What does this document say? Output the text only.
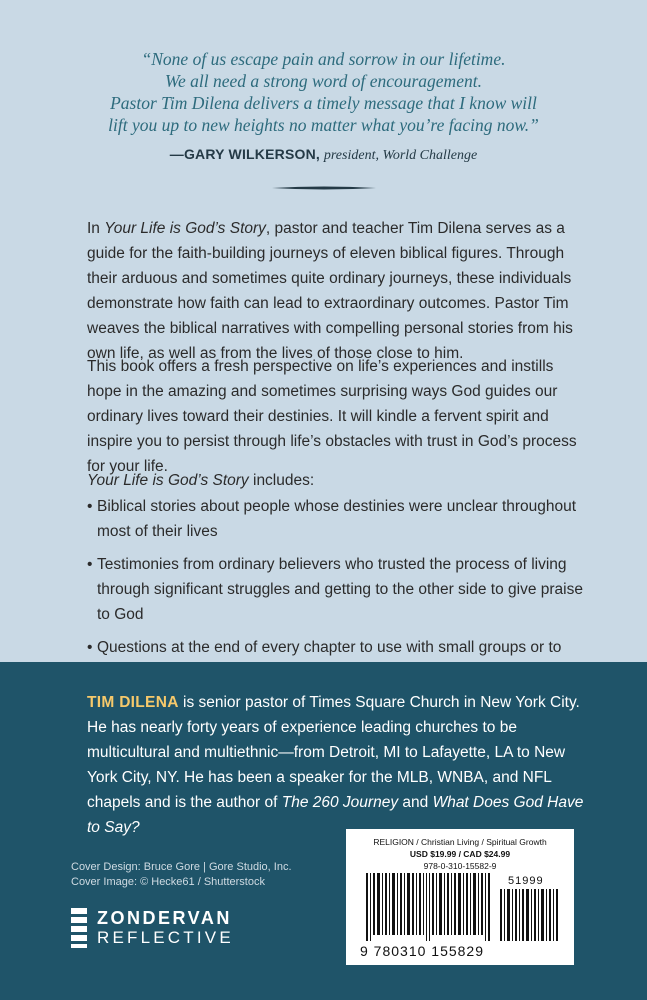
“None of us escape pain and sorrow in our lifetime.
We all need a strong word of encouragement.
Pastor Tim Dilena delivers a timely message that I know will
lift you up to new heights no matter what you’re facing now.”
—GARY WILKERSON, president, World Challenge
In Your Life is God’s Story, pastor and teacher Tim Dilena serves as a guide for the faith-building journeys of eleven biblical figures. Through their arduous and sometimes quite ordinary journeys, these individuals demonstrate how faith can lead to extraordinary outcomes. Pastor Tim weaves the biblical narratives with compelling personal stories from his own life, as well as from the lives of those close to him.
This book offers a fresh perspective on life’s experiences and instills hope in the amazing and sometimes surprising ways God guides our ordinary lives toward their destinies. It will kindle a fervent spirit and inspire you to persist through life’s obstacles with trust in God’s process for your life.
Your Life is God’s Story includes:
• Biblical stories about people whose destinies were unclear throughout most of their lives
• Testimonies from ordinary believers who trusted the process of living through significant struggles and getting to the other side to give praise to God
• Questions at the end of every chapter to use with small groups or to
TIM DILENA is senior pastor of Times Square Church in New York City. He has nearly forty years of experience leading churches to be multicultural and multiethnic—from Detroit, MI to Lafayette, LA to New York City, NY. He has been a speaker for the MLB, WNBA, and NFL chapels and is the author of The 260 Journey and What Does God Have to Say?
Cover Design: Bruce Gore | Gore Studio, Inc.
Cover Image: © Hecke61 / Shutterstock
ZONDERVAN
REFLECTIVE
RELIGION / Christian Living / Spiritual Growth
USD $19.99 / CAD $24.99
978-0-310-15582-9
51999
9 780310 155829
